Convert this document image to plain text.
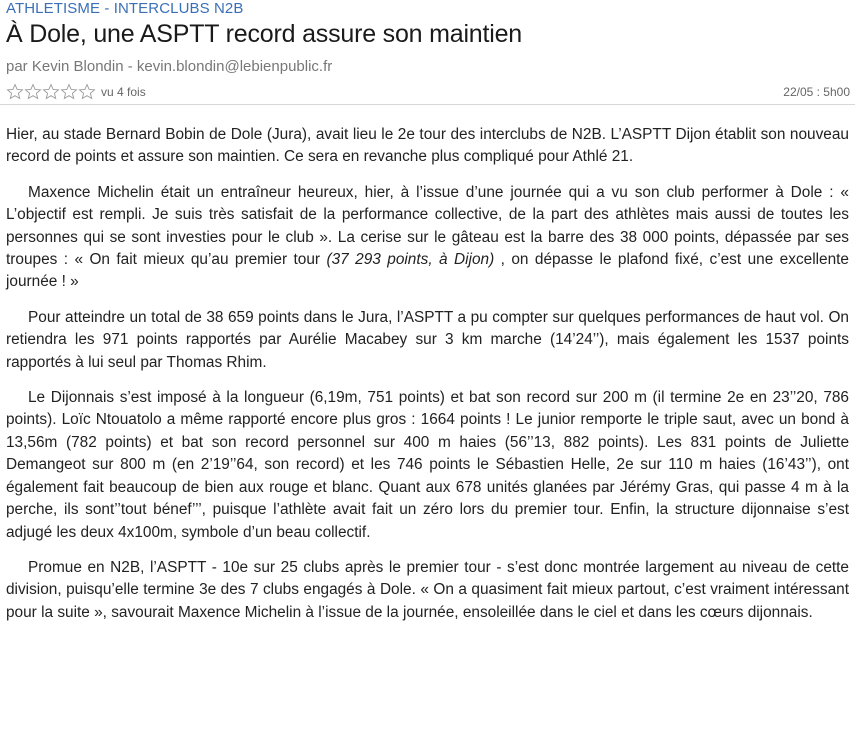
ATHLETISME - INTERCLUBS N2B
À Dole, une ASPTT record assure son maintien
par Kevin Blondin - kevin.blondin@lebienpublic.fr
vu 4 fois	22/05 : 5h00

Hier, au stade Bernard Bobin de Dole (Jura), avait lieu le 2e tour des interclubs de N2B. L’ASPTT Dijon établit son nouveau record de points et assure son maintien. Ce sera en revanche plus compliqué pour Athlé 21.

Maxence Michelin était un entraîneur heureux, hier, à l’issue d’une journée qui a vu son club performer à Dole : « L’objectif est rempli. Je suis très satisfait de la performance collective, de la part des athlètes mais aussi de toutes les personnes qui se sont investies pour le club ». La cerise sur le gâteau est la barre des 38 000 points, dépassée par ses troupes : « On fait mieux qu’au premier tour (37 293 points, à Dijon) , on dépasse le plafond fixé, c’est une excellente journée ! »

Pour atteindre un total de 38 659 points dans le Jura, l’ASPTT a pu compter sur quelques performances de haut vol. On retiendra les 971 points rapportés par Aurélie Macabey sur 3 km marche (14’24’’), mais également les 1537 points rapportés à lui seul par Thomas Rhim.

Le Dijonnais s’est imposé à la longueur (6,19m, 751 points) et bat son record sur 200 m (il termine 2e en 23’’20, 786 points). Loïc Ntouatolo a même rapporté encore plus gros : 1664 points ! Le junior remporte le triple saut, avec un bond à 13,56m (782 points) et bat son record personnel sur 400 m haies (56’’13, 882 points). Les 831 points de Juliette Demangeot sur 800 m (en 2’19’’64, son record) et les 746 points le Sébastien Helle, 2e sur 110 m haies (16’43’’), ont également fait beaucoup de bien aux rouge et blanc. Quant aux 678 unités glanées par Jérémy Gras, qui passe 4 m à la perche, ils sont’’tout bénef’’’, puisque l’athlète avait fait un zéro lors du premier tour. Enfin, la structure dijonnaise s’est adjugé les deux 4x100m, symbole d’un beau collectif.

Promue en N2B, l’ASPTT - 10e sur 25 clubs après le premier tour - s’est donc montrée largement au niveau de cette division, puisqu’elle termine 3e des 7 clubs engagés à Dole. « On a quasiment fait mieux partout, c’est vraiment intéressant pour la suite », savourait Maxence Michelin à l’issue de la journée, ensoleillée dans le ciel et dans les cœurs dijonnais.
